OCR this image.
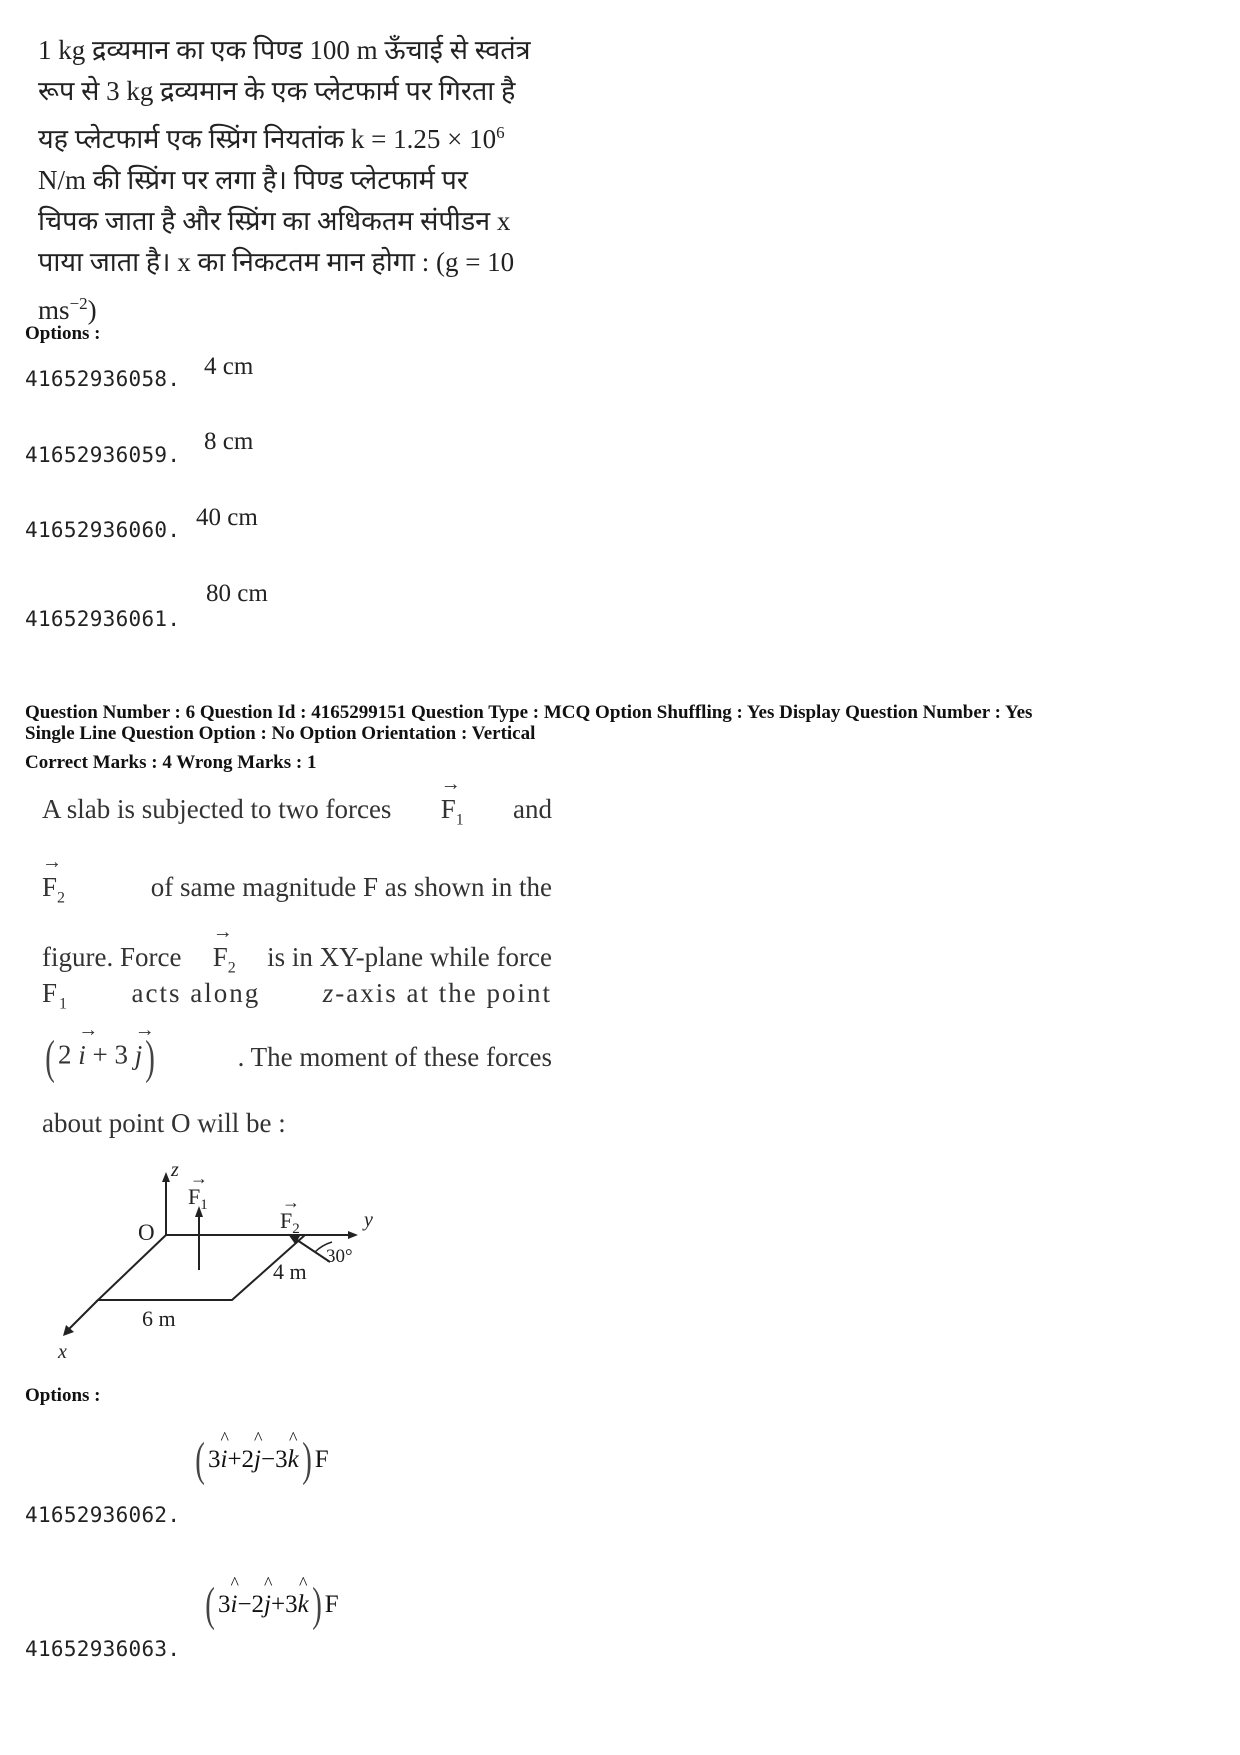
1 kg द्रव्यमान का एक पिण्ड 100 m ऊँचाई से स्वतंत्र
रूप से 3 kg द्रव्यमान के एक प्लेटफार्म पर गिरता है
यह प्लेटफार्म एक स्प्रिंग नियतांक $k = 1.25 \times 10^6$
N/m की स्प्रिंग पर लगा है। पिण्ड प्लेटफार्म पर
चिपक जाता है और स्प्रिंग का अधिकतम संपीडन x
पाया जाता है। x का निकटतम मान होगा : (g = 10
$ms^{-2}$)
Options :
41652936058. 4 cm
41652936059. 8 cm
41652936060. 40 cm
41652936061.
80 cm
Question Number : 6 Question Id : 4165299151 Question Type : MCQ Option Shuffling : Yes Display Question Number : Yes
Single Line Question Option : No Option Orientation : Vertical
Correct Marks : 4 Wrong Marks : 1
A slab is subjected to two forces
→
$F_1$ and
→
$F_2$	of same magnitude F as shown in the
figure. Force
→
$F_2$ is in XY-plane while force
$F_1$ acts along z-axis at the point
( 2
→
i + 3
→
j)	. The moment of these forces
about point O will be :
z
O
$F_1$
→
$F_2$
→
y
30°
4 m
6 m
x
Options :
41652936062.
( 3
^
i+2
^
j−3
^
k) F
41652936063.
( 3
^
i−2
^
j+3
^
k) F
